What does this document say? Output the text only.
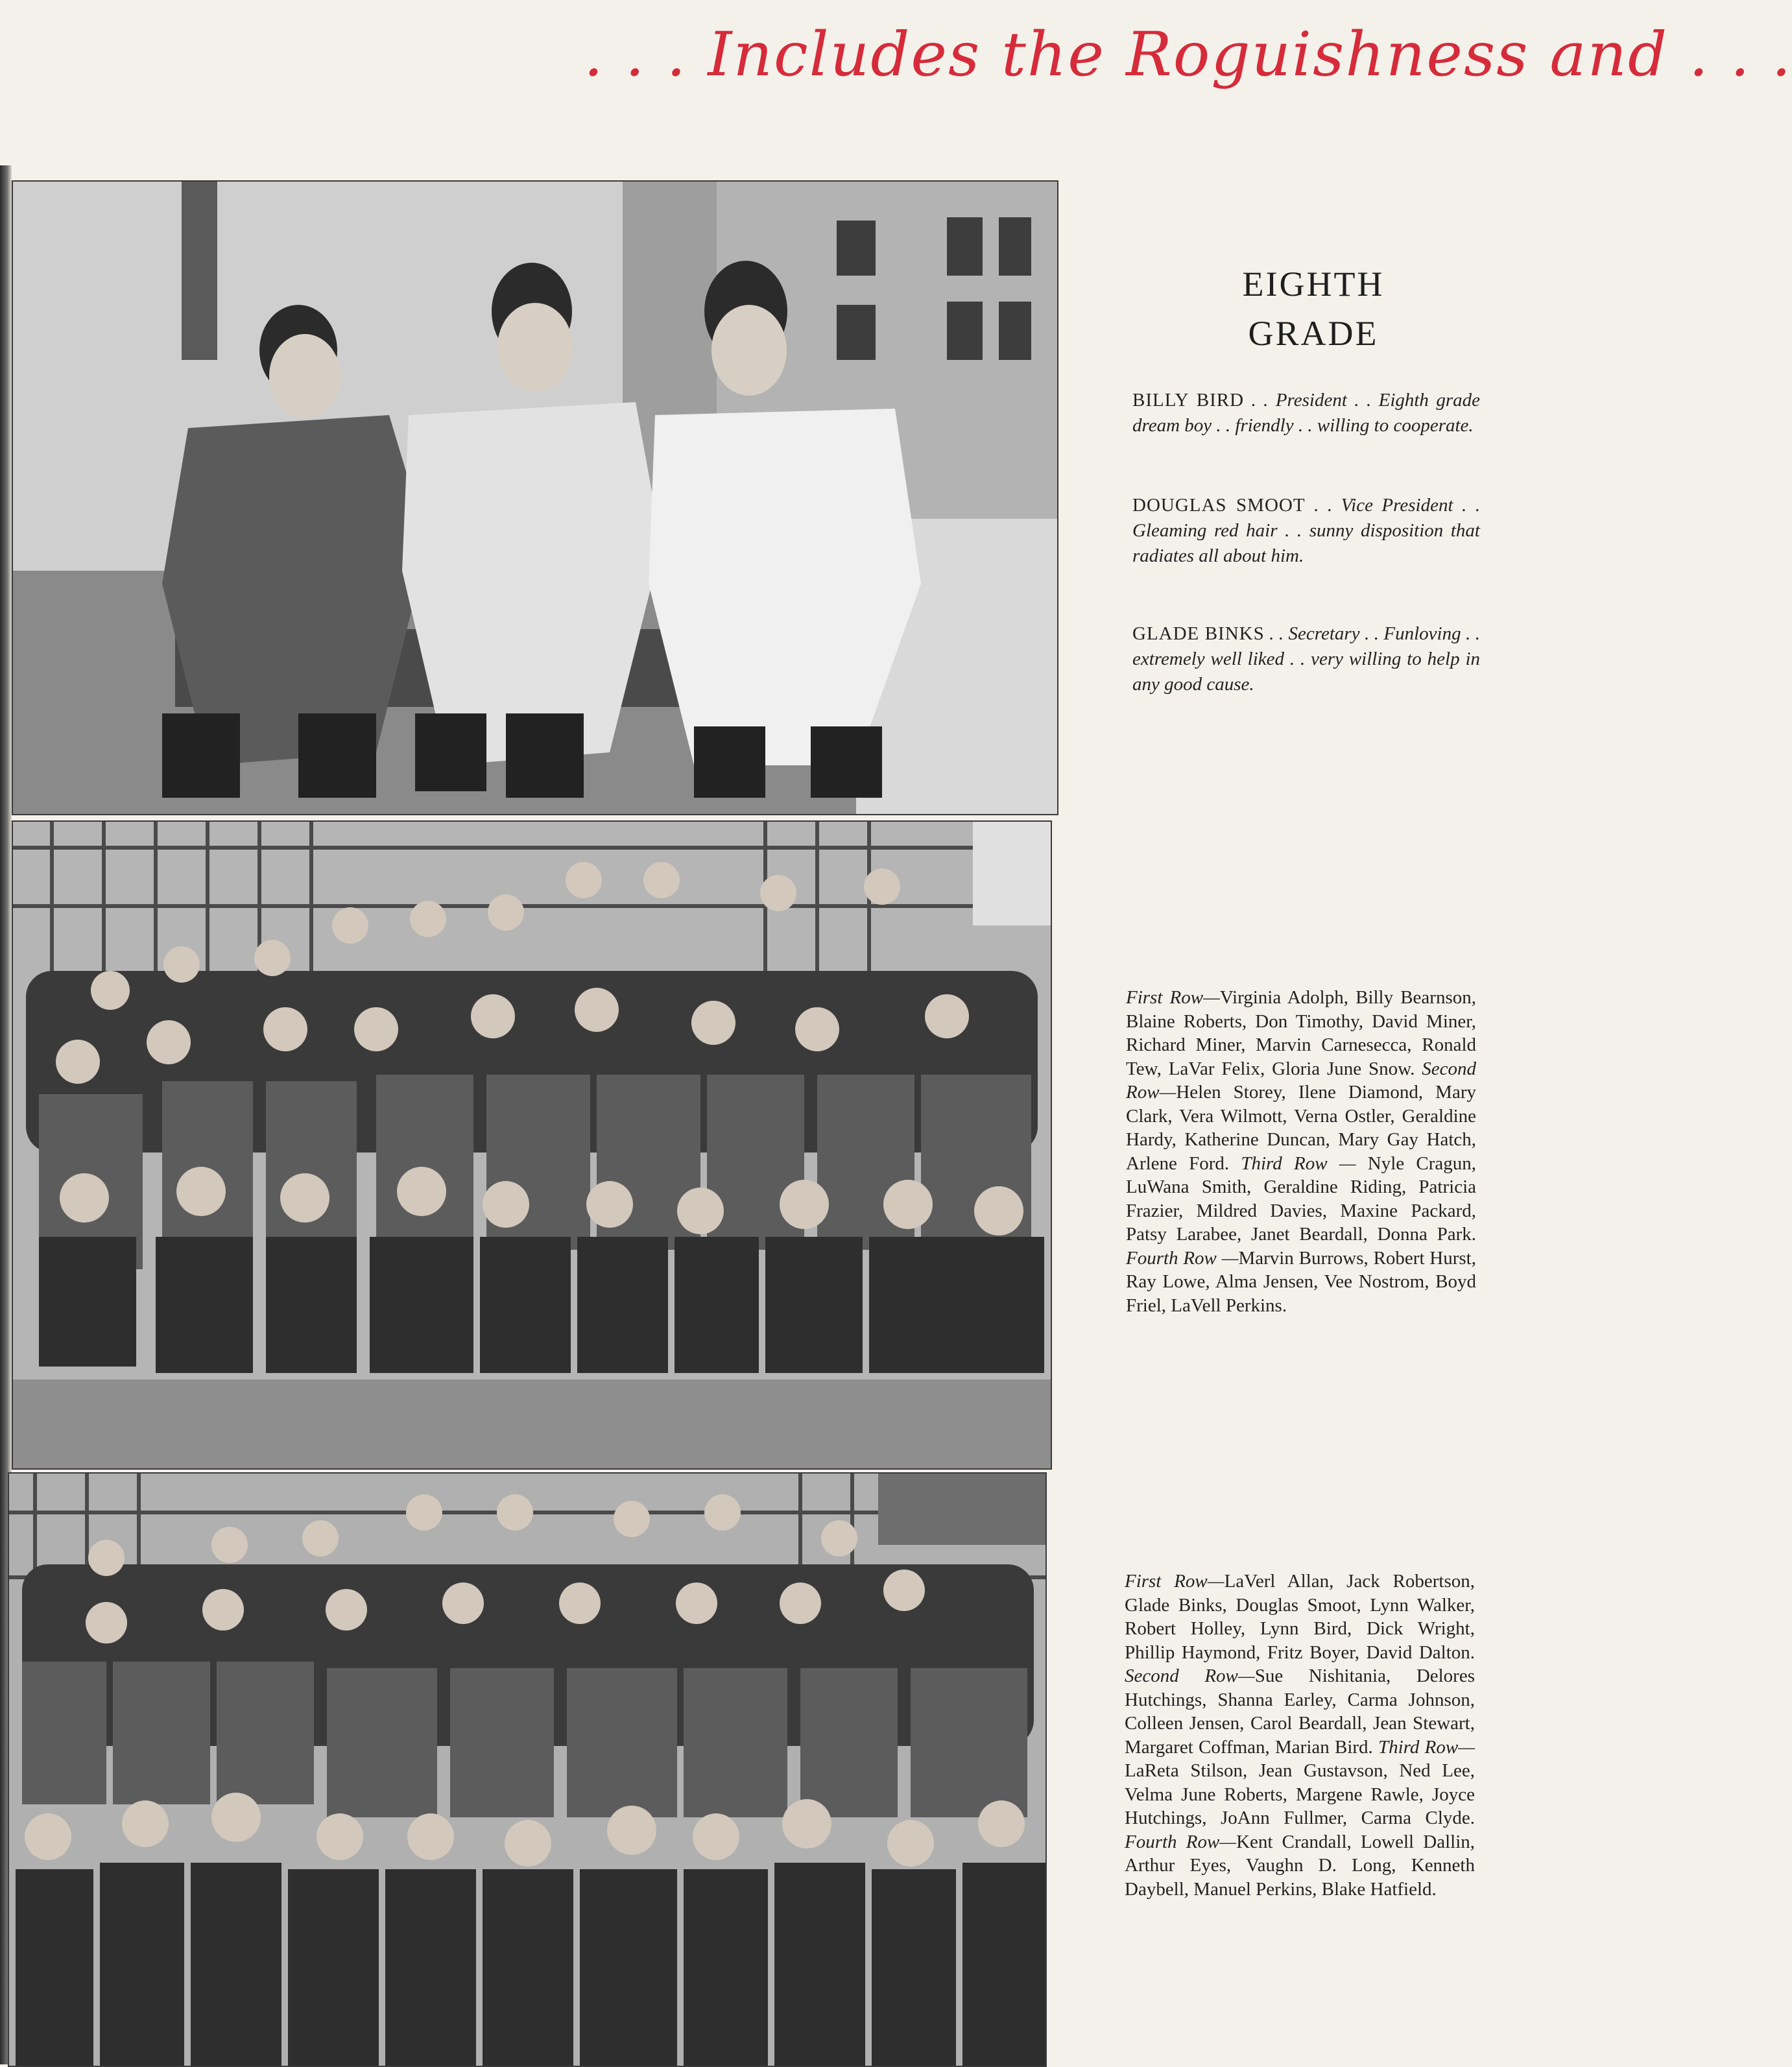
. . . Includes the Roguishness and . . .
EIGHTH
GRADE
BILLY BIRD . . President . . Eighth grade dream boy . . friendly . . willing to cooperate.
DOUGLAS SMOOT . . Vice President . . Gleaming red hair . . sunny disposition that radiates all about him.
GLADE BINKS . . Secretary . . Funloving . . extremely well liked . . very willing to help in any good cause.
First Row—Virginia Adolph, Billy Bearnson, Blaine Roberts, Don Timothy, David Miner, Richard Miner, Marvin Carnesecca, Ronald Tew, LaVar Felix, Gloria June Snow. Second Row—Helen Storey, Ilene Diamond, Mary Clark, Vera Wilmott, Verna Ostler, Geraldine Hardy, Katherine Duncan, Mary Gay Hatch, Arlene Ford. Third Row — Nyle Cragun, LuWana Smith, Geraldine Riding, Patricia Frazier, Mildred Davies, Maxine Packard, Patsy Larabee, Janet Beardall, Donna Park. Fourth Row —Marvin Burrows, Robert Hurst, Ray Lowe, Alma Jensen, Vee Nostrom, Boyd Friel, LaVell Perkins.
First Row—LaVerl Allan, Jack Robertson, Glade Binks, Douglas Smoot, Lynn Walker, Robert Holley, Lynn Bird, Dick Wright, Phillip Haymond, Fritz Boyer, David Dalton. Second Row—Sue Nishitania, Delores Hutchings, Shanna Earley, Carma Johnson, Colleen Jensen, Carol Beardall, Jean Stewart, Margaret Coffman, Marian Bird. Third Row—LaReta Stilson, Jean Gustavson, Ned Lee, Velma June Roberts, Margene Rawle, Joyce Hutchings, JoAnn Fullmer, Carma Clyde. Fourth Row—Kent Crandall, Lowell Dallin, Arthur Eyes, Vaughn D. Long, Kenneth Daybell, Manuel Perkins, Blake Hatfield.
